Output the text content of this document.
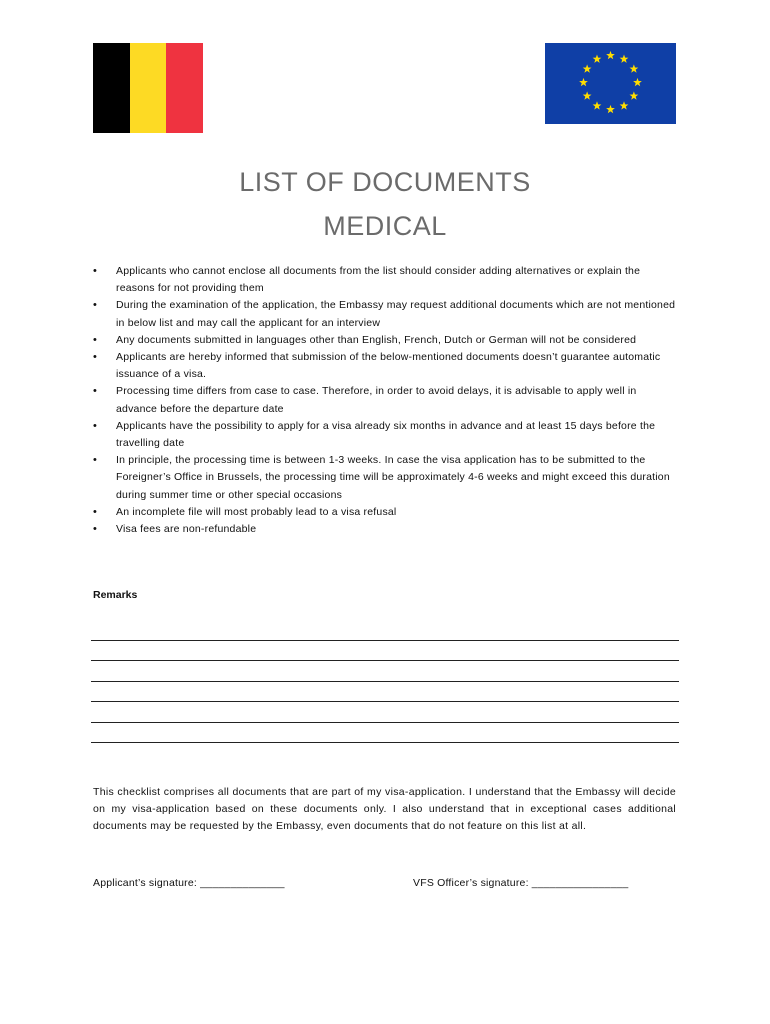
LIST OF DOCUMENTS
MEDICAL
• Applicants who cannot enclose all documents from the list should consider adding alternatives or explain the reasons for not providing them
• During the examination of the application, the Embassy may request additional documents which are not mentioned in below list and may call the applicant for an interview
• Any documents submitted in languages other than English, French, Dutch or German will not be considered
• Applicants are hereby informed that submission of the below-mentioned documents doesn’t guarantee automatic issuance of a visa.
• Processing time differs from case to case. Therefore, in order to avoid delays, it is advisable to apply well in advance before the departure date
• Applicants have the possibility to apply for a visa already six months in advance and at least 15 days before the travelling date
• In principle, the processing time is between 1-3 weeks. In case the visa application has to be submitted to the Foreigner’s Office in Brussels, the processing time will be approximately 4-6 weeks and might exceed this duration during summer time or other special occasions
• An incomplete file will most probably lead to a visa refusal
• Visa fees are non-refundable
Remarks

This checklist comprises all documents that are part of my visa-application. I understand that the Embassy will decide on my visa-application based on these documents only. I also understand that in exceptional cases additional documents may be requested by the Embassy, even documents that do not feature on this list at all.

Applicant’s signature: ______________	VFS Officer’s signature: ________________
